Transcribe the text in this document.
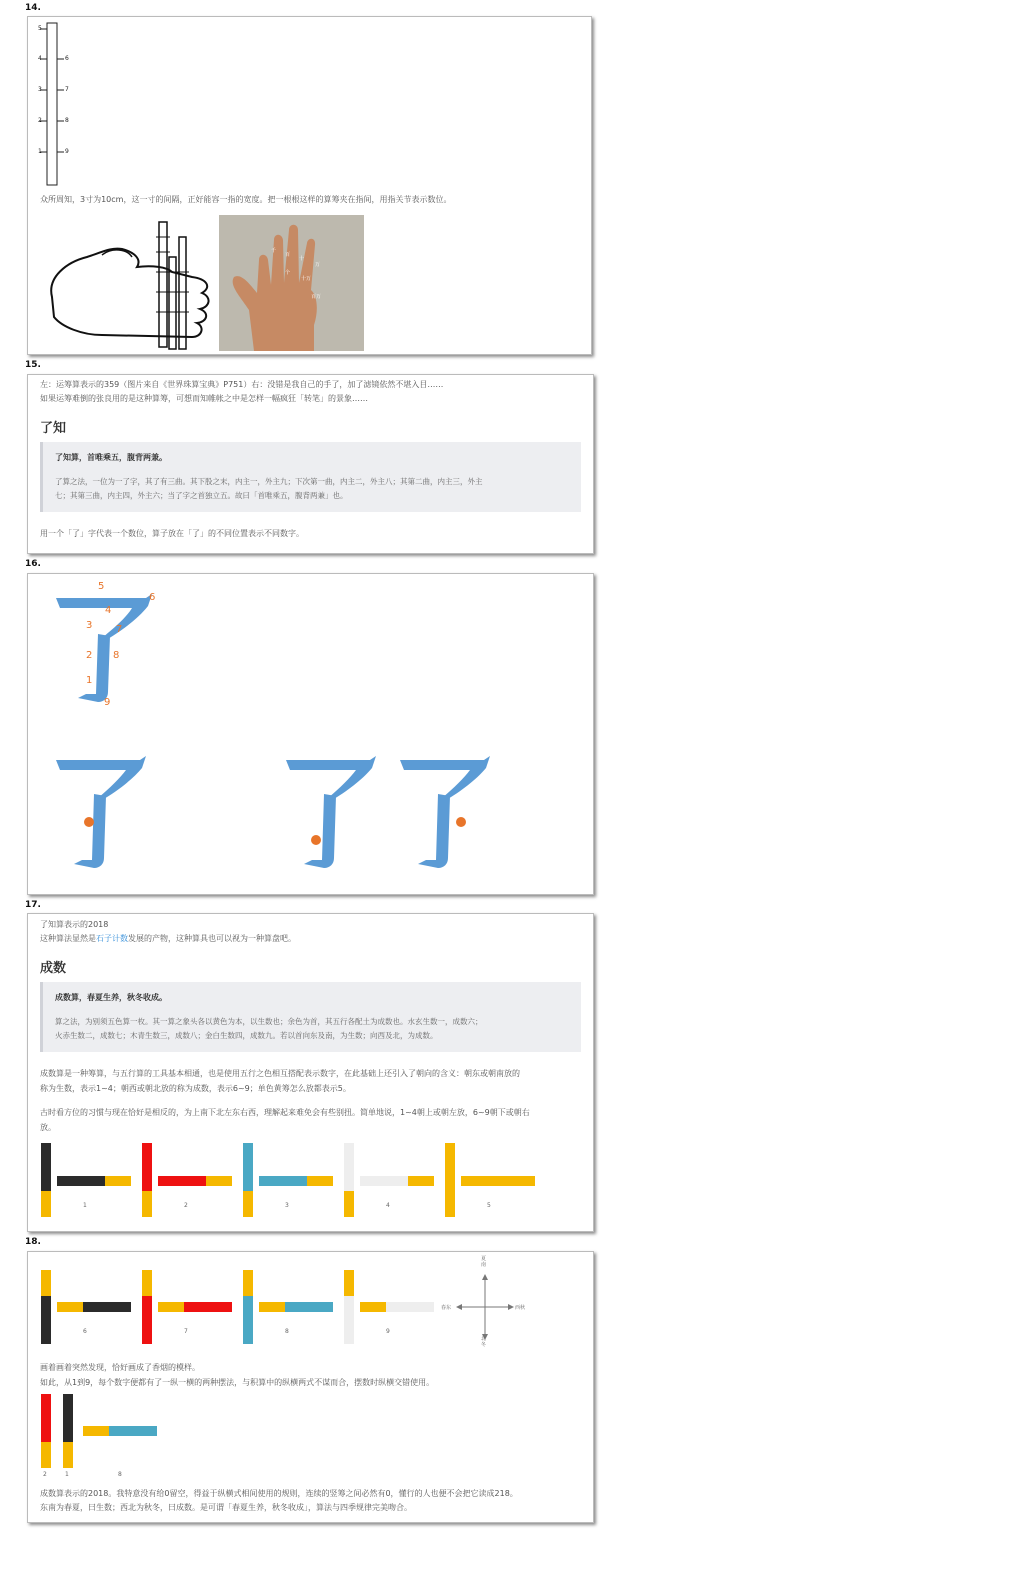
14.
5
4
3
2
1
6
7
8
9
众所周知，3寸为10cm，这一寸的间隔，正好能容一指的宽度。把一根根这样的算筹夹在指间，用指关节表示数位。
千
百
十
个
万
十万
百万
15.
左：运筹算表示的359（图片来自《世界珠算宝典》P751）右：没错是我自己的手了，加了滤镜依然不堪入目……
如果运筹难倒的张良用的是这种算筹，可想而知帷帐之中是怎样一幅疯狂「转笔」的景象……
了知
了知算，首唯乘五，腹背两兼。
了算之法，一位为一了字，其了有三曲。其下股之末，内主一，外主九；下次第一曲，内主二，外主八；其第二曲，内主三，外主
七；其第三曲，内主四，外主六；当了字之首独立五。故曰「首唯乘五，腹背两兼」也。
用一个「了」字代表一个数位，算子放在「了」的不同位置表示不同数字。
16.
5
6
4
3 7
2 8
1
9
17.
了知算表示的2018
这种算法显然是石子计数发展的产物，这种算具也可以视为一种算盘吧。
成数
成数算，春夏生养，秋冬收成。
算之法，为别须五色算一枚。其一算之象头各以黄色为本，以生数也；余色为首，其五行各配土为成数也。水玄生数一，成数六；
火赤生数二，成数七；木青生数三，成数八；金白生数四，成数九。若以首向东及南，为生数；向西及北，为成数。
成数算是一种筹算，与五行算的工具基本相通，也是使用五行之色相互搭配表示数字，在此基础上还引入了朝向的含义：朝东或朝南放的
称为生数，表示1~4；朝西或朝北放的称为成数，表示6~9；单色黄筹怎么放都表示5。
古时看方位的习惯与现在恰好是相反的，为上南下北左东右西，理解起来难免会有些别扭。简单地说，1~4朝上或朝左放，6~9朝下或朝右
放。
1	2	3	4	5
18.
6	7	8	9
夏南
北冬
春东	西秋
画着画着突然发现，恰好画成了香烟的模样。
如此，从1到9，每个数字便都有了一纵一横的两种摆法，与积算中的纵横两式不谋而合，摆数时纵横交错使用。
2	1	8
成数算表示的2018。我特意没有给0留空，得益于纵横式相间使用的规则，连续的竖筹之间必然有0，懂行的人也便不会把它读成218。
东南为春夏，曰生数；西北为秋冬，曰成数。是可谓「春夏生养，秋冬收成」，算法与四季规律完美吻合。
